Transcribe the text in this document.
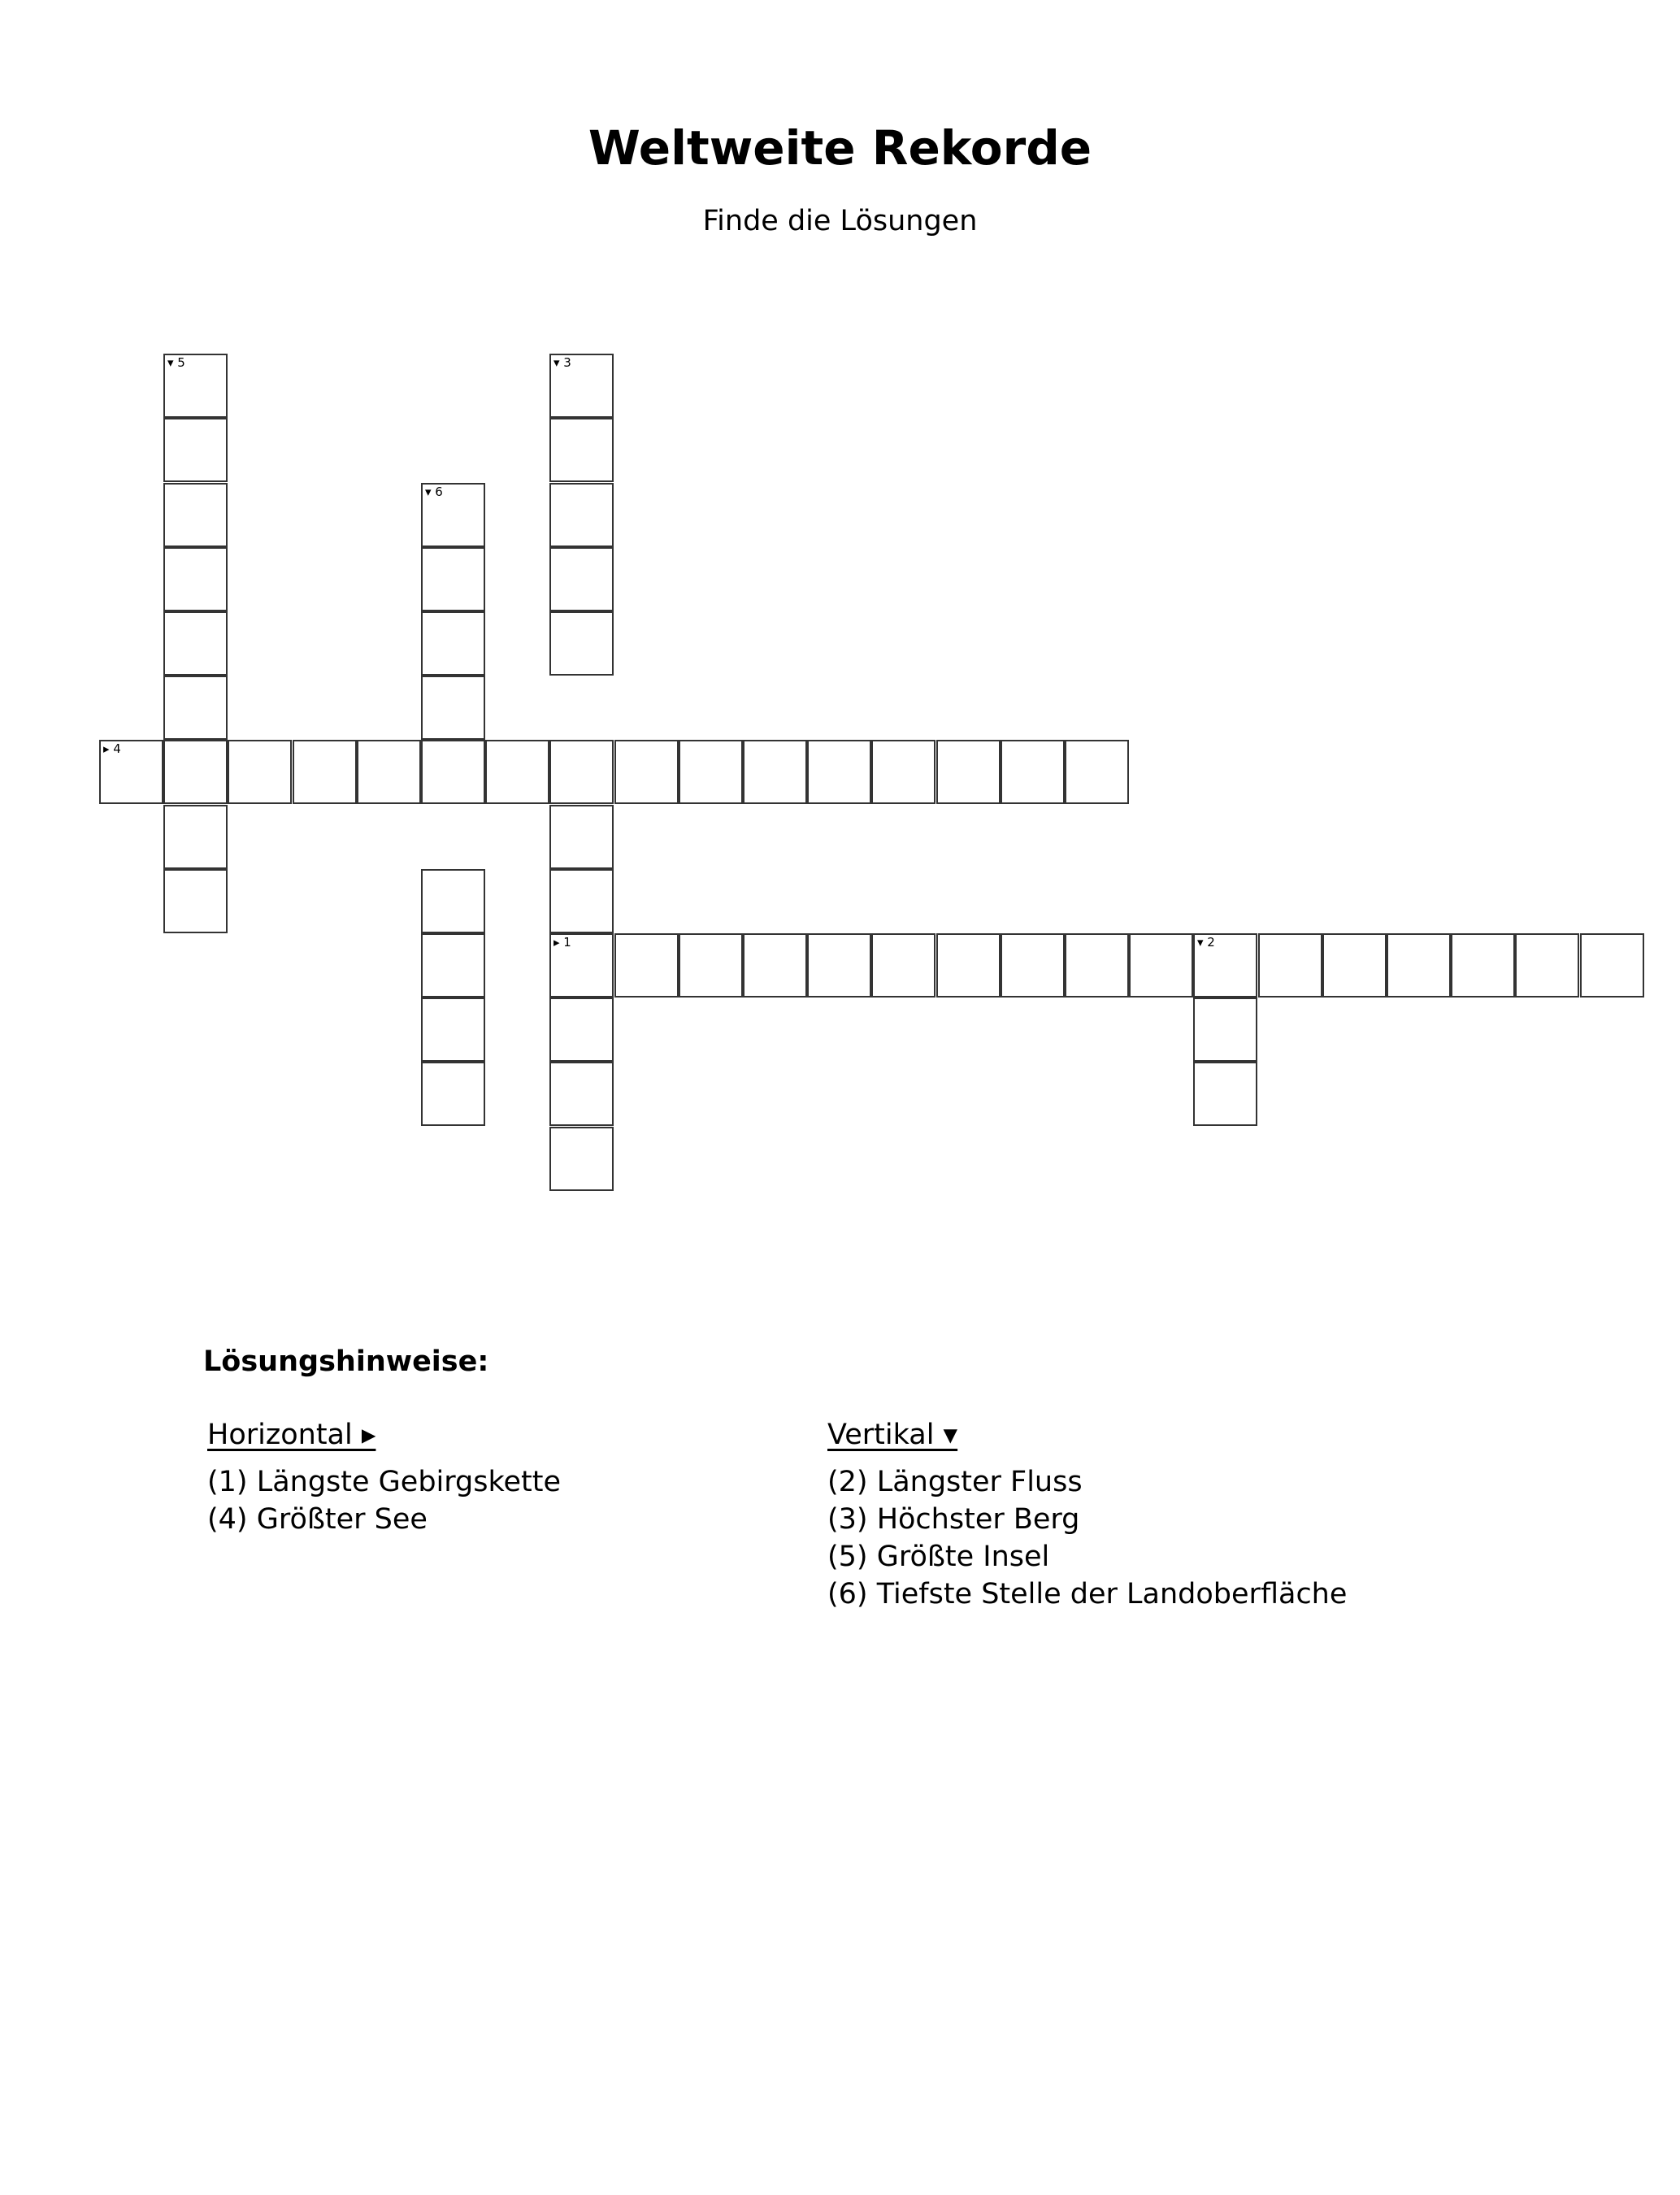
Weltweite Rekorde
Finde die Lösungen
▾ 5	▾ 3
▾ 6
▸ 4
▸ 1	▾ 2
Lösungshinweise:
Horizontal ▸
(1) Längste Gebirgskette
(4) Größter See
Vertikal ▾
(2) Längster Fluss
(3) Höchster Berg
(5) Größte Insel
(6) Tiefste Stelle der Landoberfläche
